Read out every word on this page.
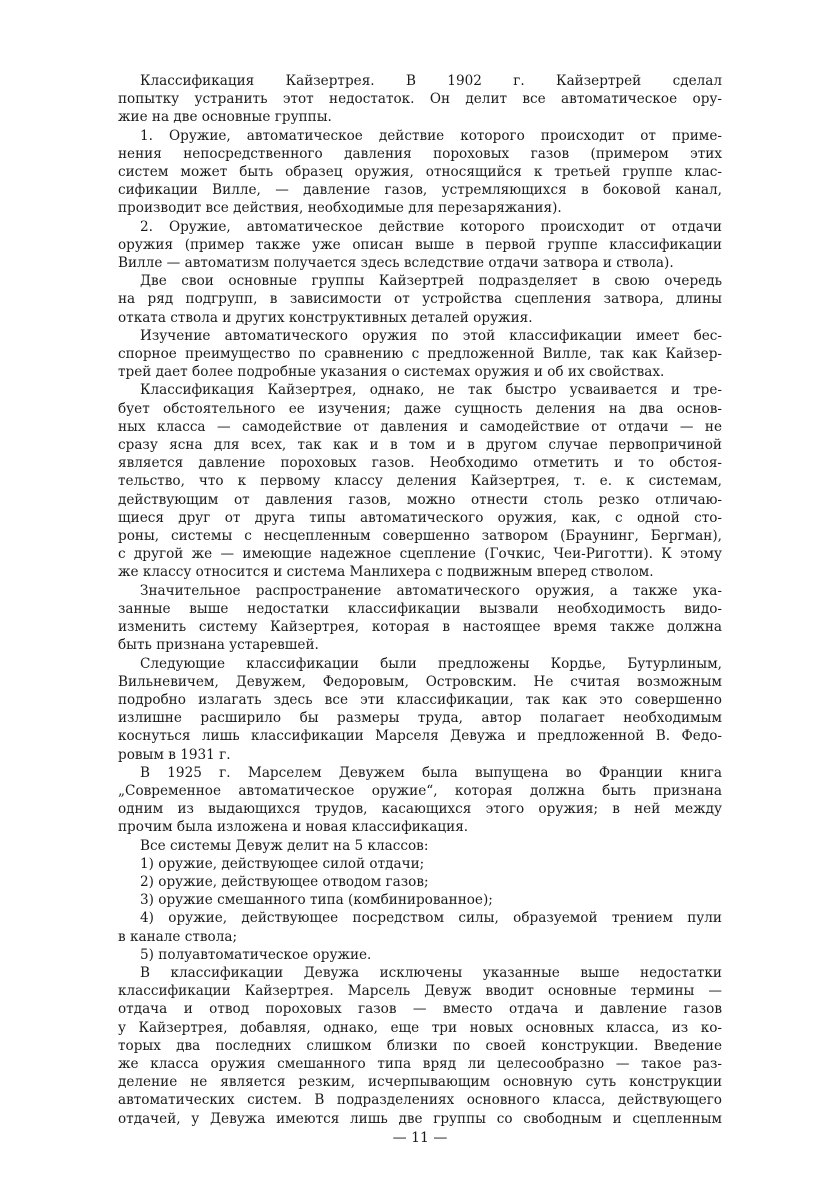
Классификация Кайзертрея. В 1902 г. Кайзертрей сделал
попытку устранить этот недостаток. Он делит все автоматическое ору-
жие на две основные группы.

1. Оружие, автоматическое действие которого происходит от приме-
нения непосредственного давления пороховых газов (примером этих
систем может быть образец оружия, относящийся к третьей группе клас-
сификации Вилле, — давление газов, устремляющихся в боковой канал,
производит все действия, необходимые для перезаряжания).

2. Оружие, автоматическое действие которого происходит от отдачи
оружия (пример также уже описан выше в первой группе классификации
Вилле — автоматизм получается здесь вследствие отдачи затвора и ствола).

Две свои основные группы Кайзертрей подразделяет в свою очередь
на ряд подгрупп, в зависимости от устройства сцепления затвора, длины
отката ствола и других конструктивных деталей оружия.

Изучение автоматического оружия по этой классификации имеет бес-
спорное преимущество по сравнению с предложенной Вилле, так как Кайзер-
трей дает более подробные указания о системах оружия и об их свойствах.

Классификация Кайзертрея, однако, не так быстро усваивается и тре-
бует обстоятельного ее изучения; даже сущность деления на два основ-
ных класса — самодействие от давления и самодействие от отдачи — не
сразу ясна для всех, так как и в том и в другом случае первопричиной
является давление пороховых газов. Необходимо отметить и то обстоя-
тельство, что к первому классу деления Кайзертрея, т. е. к системам,
действующим от давления газов, можно отнести столь резко отличаю-
щиеся друг от друга типы автоматического оружия, как, с одной сто-
роны, системы с несцепленным совершенно затвором (Браунинг, Бергман),
с другой же — имеющие надежное сцепление (Гочкис, Чеи-Риготти). К этому
же классу относится и система Манлихера с подвижным вперед стволом.

Значительное распространение автоматического оружия, а также ука-
занные выше недостатки классификации вызвали необходимость видо-
изменить систему Кайзертрея, которая в настоящее время также должна
быть признана устаревшей.

Следующие классификации были предложены Кордье, Бутурлиным,
Вильневичем, Девужем, Федоровым, Островским. Не считая возможным
подробно излагать здесь все эти классификации, так как это совершенно
излишне расширило бы размеры труда, автор полагает необходимым
коснуться лишь классификации Марселя Девужа и предложенной В. Федо-
ровым в 1931 г.

В 1925 г. Марселем Девужем была выпущена во Франции книга
„Современное автоматическое оружие“, которая должна быть признана
одним из выдающихся трудов, касающихся этого оружия; в ней между
прочим была изложена и новая классификация.

Все системы Девуж делит на 5 классов:

1) оружие, действующее силой отдачи;

2) оружие, действующее отводом газов;

3) оружие смешанного типа (комбинированное);

4) оружие, действующее посредством силы, образуемой трением пули
в канале ствола;

5) полуавтоматическое оружие.

В классификации Девужа исключены указанные выше недостатки
классификации Кайзертрея. Марсель Девуж вводит основные термины —
отдача и отвод пороховых газов — вместо отдача и давление газов
у Кайзертрея, добавляя, однако, еще три новых основных класса, из ко-
торых два последних слишком близки по своей конструкции. Введение
же класса оружия смешанного типа вряд ли целесообразно — такое раз-
деление не является резким, исчерпывающим основную суть конструкции
автоматических систем. В подразделениях основного класса, действующего
отдачей, у Девужа имеются лишь две группы со свободным и сцепленным

— 11 —
